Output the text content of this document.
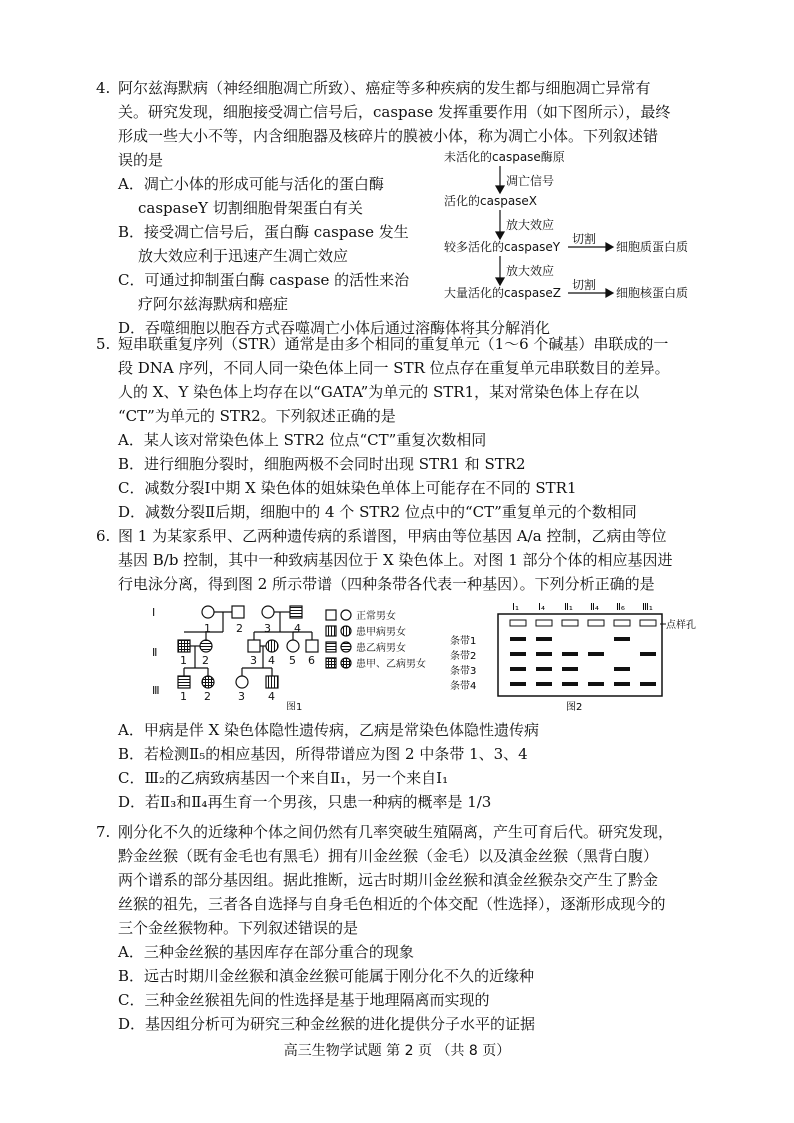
4. 阿尔兹海默病（神经细胞凋亡所致）、癌症等多种疾病的发生都与细胞凋亡异常有

关。研究发现，细胞接受凋亡信号后，caspase 发挥重要作用（如下图所示），最终

形成一些大小不等，内含细胞器及核碎片的膜被小体，称为凋亡小体。下列叙述错

误的是

A．凋亡小体的形成可能与活化的蛋白酶

caspaseY 切割细胞骨架蛋白有关

B．接受凋亡信号后，蛋白酶 caspase 发生

放大效应利于迅速产生凋亡效应

C．可通过抑制蛋白酶 caspase 的活性来治

疗阿尔兹海默病和癌症

D．吞噬细胞以胞吞方式吞噬凋亡小体后通过溶酶体将其分解消化

未活化的caspase酶原
凋亡信号
活化的caspaseX
放大效应
较多活化的caspaseY
切割
细胞质蛋白质
放大效应
大量活化的caspaseZ
切割
细胞核蛋白质
5. 短串联重复序列（STR）通常是由多个相同的重复单元（1～6 个碱基）串联成的一

段 DNA 序列，不同人同一染色体上同一 STR 位点存在重复单元串联数目的差异。

人的 X、Y 染色体上均存在以“GATA”为单元的 STR1，某对常染色体上存在以

“CT”为单元的 STR2。下列叙述正确的是

A．某人该对常染色体上 STR2 位点“CT”重复次数相同

B．进行细胞分裂时，细胞两极不会同时出现 STR1 和 STR2

C．减数分裂Ⅰ中期 X 染色体的姐妹染色单体上可能存在不同的 STR1

D．减数分裂Ⅱ后期，细胞中的 4 个 STR2 位点中的“CT”重复单元的个数相同

6. 图 1 为某家系甲、乙两种遗传病的系谱图，甲病由等位基因 A/a 控制，乙病由等位

基因 B/b 控制，其中一种致病基因位于 X 染色体上。对图 1 部分个体的相应基因进

行电泳分离，得到图 2 所示带谱（四种条带各代表一种基因）。下列分析正确的是

Ⅰ
Ⅱ
Ⅲ
1 2 3 4
1 2	3 4 5 6
1 2 3 4
正常男女
患甲病男女
患乙病男女
患甲、乙病男女
图1
Ⅰ₁ Ⅰ₄ Ⅱ₁ Ⅱ₄ Ⅱ₆ Ⅲ₁
点样孔
条带1
条带2
条带3
条带4
图2

A．甲病是伴 X 染色体隐性遗传病，乙病是常染色体隐性遗传病

B．若检测Ⅱ₅的相应基因，所得带谱应为图 2 中条带 1、3、4

C．Ⅲ₂的乙病致病基因一个来自Ⅱ₁，另一个来自Ⅰ₁

D．若Ⅱ₃和Ⅱ₄再生育一个男孩，只患一种病的概率是 1/3

7. 刚分化不久的近缘种个体之间仍然有几率突破生殖隔离，产生可育后代。研究发现，

黔金丝猴（既有金毛也有黑毛）拥有川金丝猴（金毛）以及滇金丝猴（黑背白腹）

两个谱系的部分基因组。据此推断，远古时期川金丝猴和滇金丝猴杂交产生了黔金

丝猴的祖先，三者各自选择与自身毛色相近的个体交配（性选择），逐渐形成现今的

三个金丝猴物种。下列叙述错误的是

A．三种金丝猴的基因库存在部分重合的现象

B．远古时期川金丝猴和滇金丝猴可能属于刚分化不久的近缘种

C．三种金丝猴祖先间的性选择是基于地理隔离而实现的

D．基因组分析可为研究三种金丝猴的进化提供分子水平的证据

高三生物学试题 第 2 页 （共 8 页）
